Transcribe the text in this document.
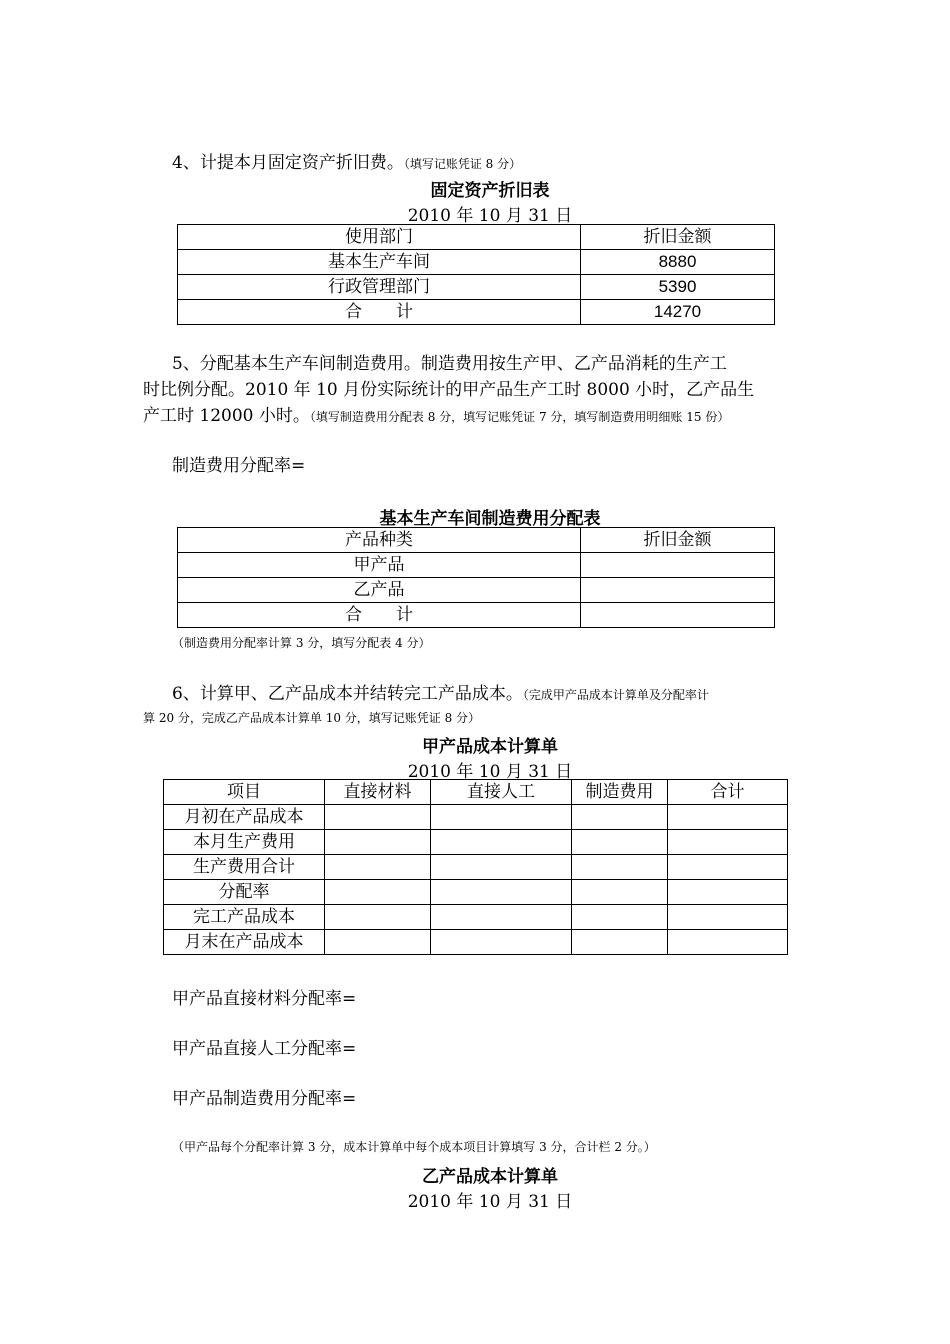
4、计提本月固定资产折旧费。（填写记账凭证 8 分）
固定资产折旧表
2010 年 10 月 31 日
使用部门	折旧金额
基本生产车间	8880
行政管理部门	5390
合　　计	14270
5、分配基本生产车间制造费用。制造费用按生产甲、乙产品消耗的生产工
时比例分配。2010 年 10 月份实际统计的甲产品生产工时 8000 小时，乙产品生
产工时 12000 小时。（填写制造费用分配表 8 分，填写记账凭证 7 分，填写制造费用明细账 15 份）
制造费用分配率=
基本生产车间制造费用分配表
产品种类	折旧金额
甲产品	
乙产品	
合　　计	
（制造费用分配率计算 3 分，填写分配表 4 分）
6、计算甲、乙产品成本并结转完工产品成本。（完成甲产品成本计算单及分配率计
算 20 分，完成乙产品成本计算单 10 分，填写记账凭证 8 分）
甲产品成本计算单
2010 年 10 月 31 日
项目	直接材料	直接人工	制造费用	合计
月初在产品成本				
本月生产费用				
生产费用合计				
分配率				
完工产品成本				
月末在产品成本				
甲产品直接材料分配率=
甲产品直接人工分配率=
甲产品制造费用分配率=
（甲产品每个分配率计算 3 分，成本计算单中每个成本项目计算填写 3 分，合计栏 2 分。）
乙产品成本计算单
2010 年 10 月 31 日
